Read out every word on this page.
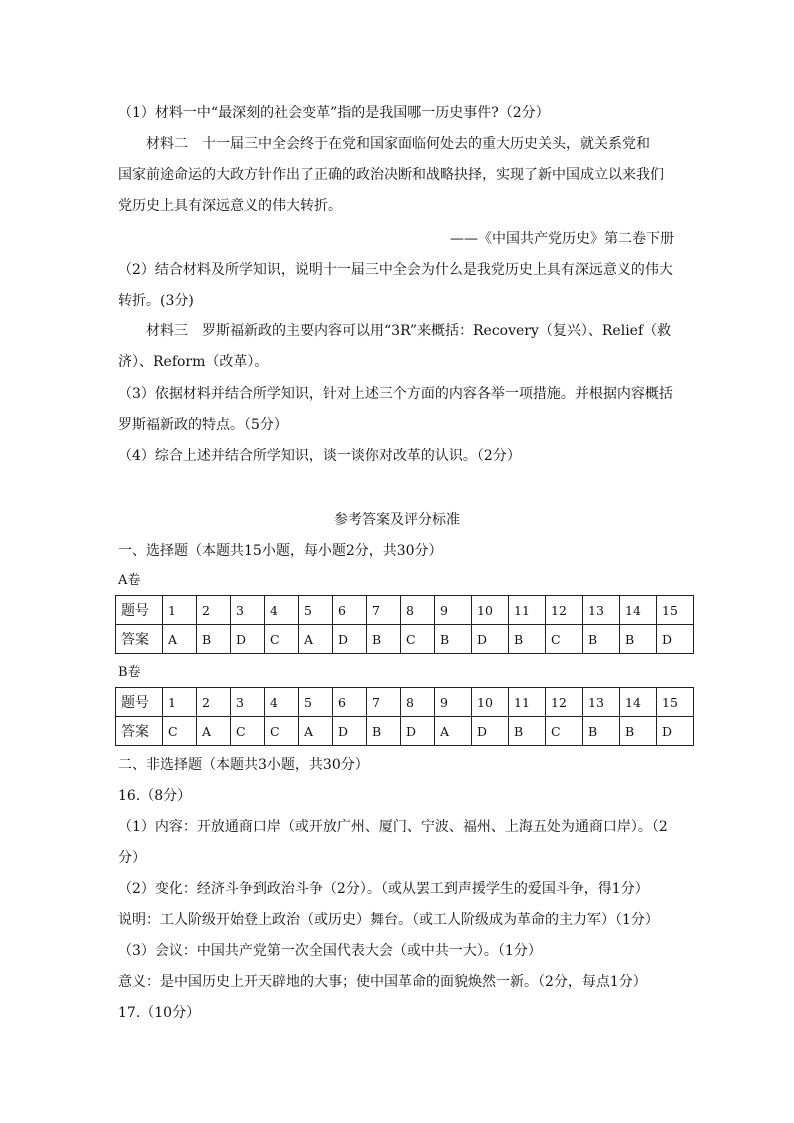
（1）材料一中“最深刻的社会变革”指的是我国哪一历史事件?（2分）
材料二　十一届三中全会终于在党和国家面临何处去的重大历史关头，就关系党和
国家前途命运的大政方针作出了正确的政治决断和战略抉择，实现了新中国成立以来我们
党历史上具有深远意义的伟大转折。
——《中国共产党历史》第二卷下册
（2）结合材料及所学知识，说明十一届三中全会为什么是我党历史上具有深远意义的伟大
转折。(3分)
材料三　罗斯福新政的主要内容可以用“3R”来概括：Recovery（复兴）、Relief（救
济）、Reform（改革）。
（3）依据材料并结合所学知识，针对上述三个方面的内容各举一项措施。并根据内容概括
罗斯福新政的特点。（5分）
（4）综合上述并结合所学知识，谈一谈你对改革的认识。（2分）
参考答案及评分标准
一、选择题（本题共15小题，每小题2分，共30分）
A卷
题号	1	2	3	4	5	6	7	8	9	10	11	12	13	14	15
答案	A	B	D	C	A	D	B	C	B	D	B	C	B	B	D
B卷
题号	1	2	3	4	5	6	7	8	9	10	11	12	13	14	15
答案	C	A	C	C	A	D	B	D	A	D	B	C	B	B	D
二、非选择题（本题共3小题，共30分）
16.（8分）
（1）内容：开放通商口岸（或开放广州、厦门、宁波、福州、上海五处为通商口岸）。（2
分）
（2）变化：经济斗争到政治斗争（2分）。（或从罢工到声援学生的爱国斗争，得1分）
说明：工人阶级开始登上政治（或历史）舞台。（或工人阶级成为革命的主力军）（1分）
（3）会议：中国共产党第一次全国代表大会（或中共一大）。（1分）
意义：是中国历史上开天辟地的大事；使中国革命的面貌焕然一新。（2分，每点1分）
17.（10分）
